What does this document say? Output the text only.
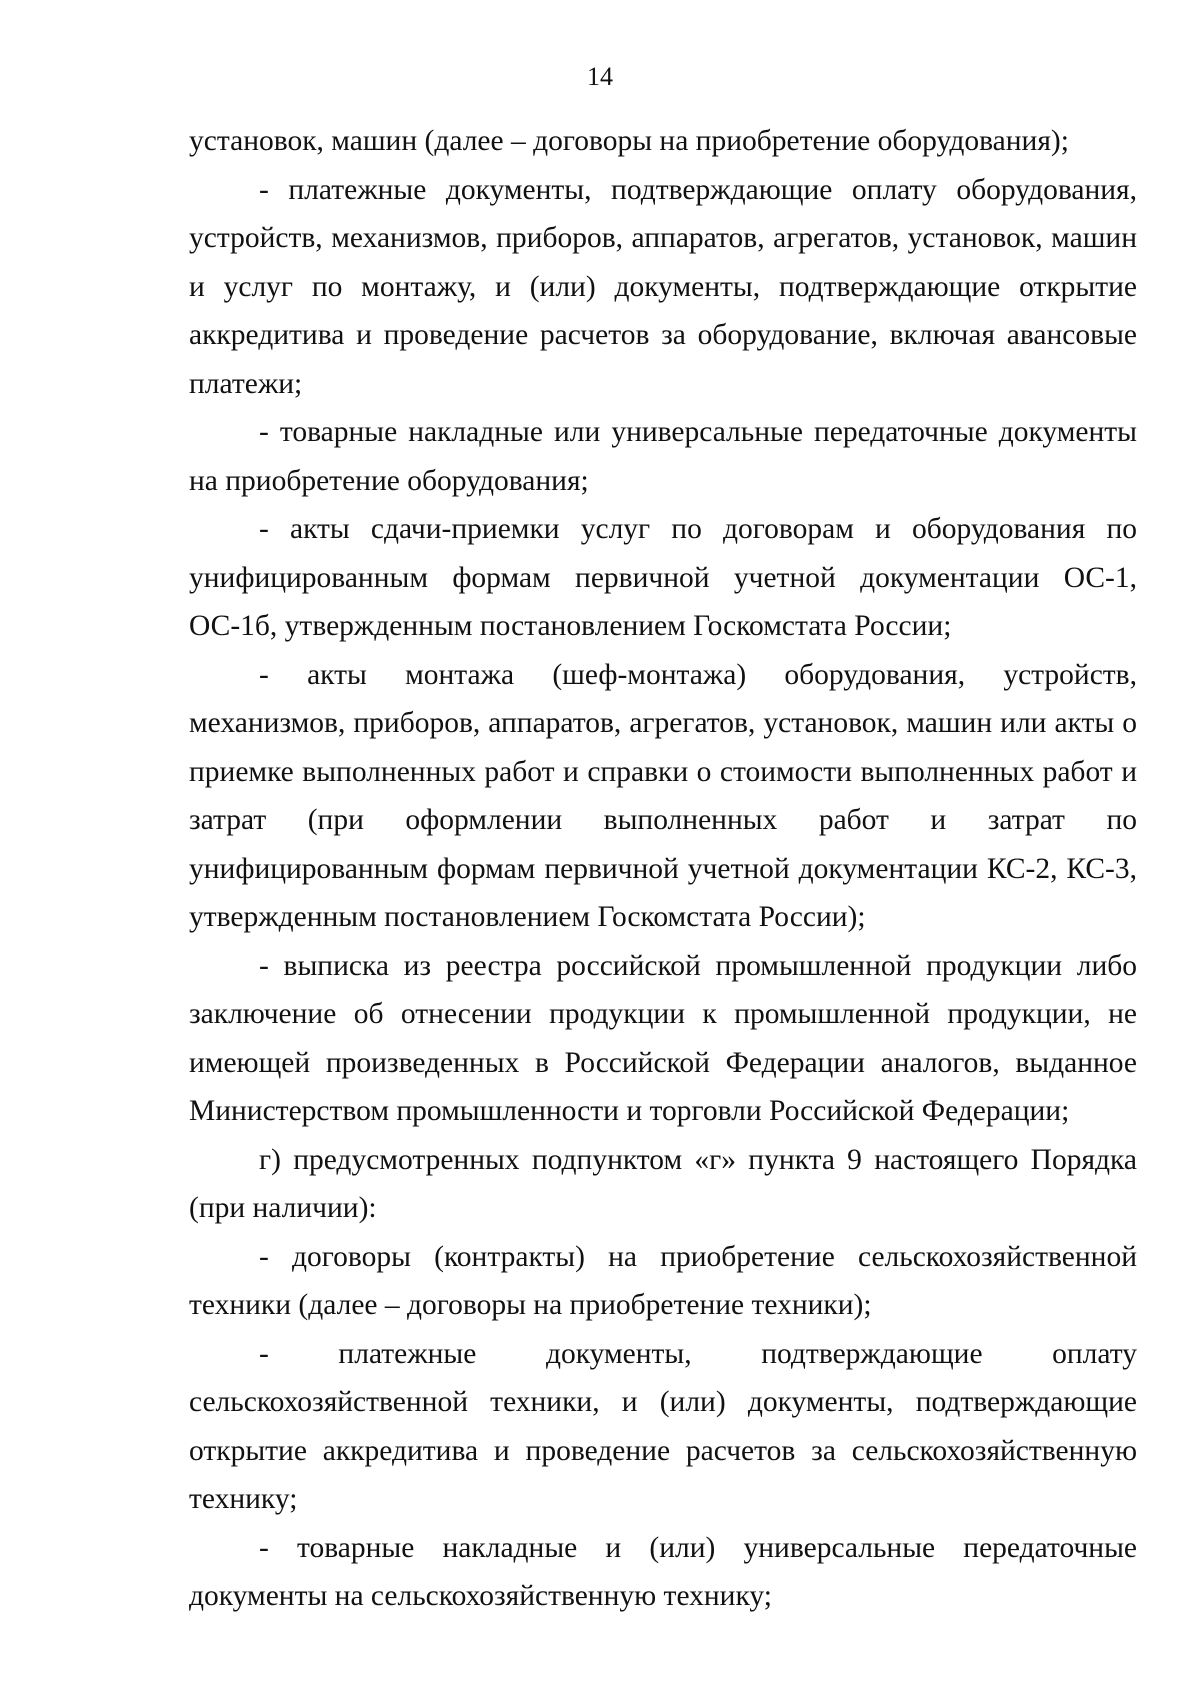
14

установок, машин (далее – договоры на приобретение оборудования);

- платежные документы, подтверждающие оплату оборудования, устройств, механизмов, приборов, аппаратов, агрегатов, установок, машин и услуг по монтажу, и (или) документы, подтверждающие открытие аккредитива и проведение расчетов за оборудование, включая авансовые платежи;

- товарные накладные или универсальные передаточные документы на приобретение оборудования;

- акты сдачи-приемки услуг по договорам и оборудования по унифицированным формам первичной учетной документации ОС-1, ОС-1б, утвержденным постановлением Госкомстата России;

- акты монтажа (шеф-монтажа) оборудования, устройств, механизмов, приборов, аппаратов, агрегатов, установок, машин или акты о приемке выполненных работ и справки о стоимости выполненных работ и затрат (при оформлении выполненных работ и затрат по унифицированным формам первичной учетной документации КС-2, КС-3, утвержденным постановлением Госкомстата России);

- выписка из реестра российской промышленной продукции либо заключение об отнесении продукции к промышленной продукции, не имеющей произведенных в Российской Федерации аналогов, выданное Министерством промышленности и торговли Российской Федерации;

г) предусмотренных подпунктом «г» пункта 9 настоящего Порядка (при наличии):

- договоры (контракты) на приобретение сельскохозяйственной техники (далее – договоры на приобретение техники);

- платежные документы, подтверждающие оплату сельскохозяйственной техники, и (или) документы, подтверждающие открытие аккредитива и проведение расчетов за сельскохозяйственную технику;

- товарные накладные и (или) универсальные передаточные документы на сельскохозяйственную технику;
